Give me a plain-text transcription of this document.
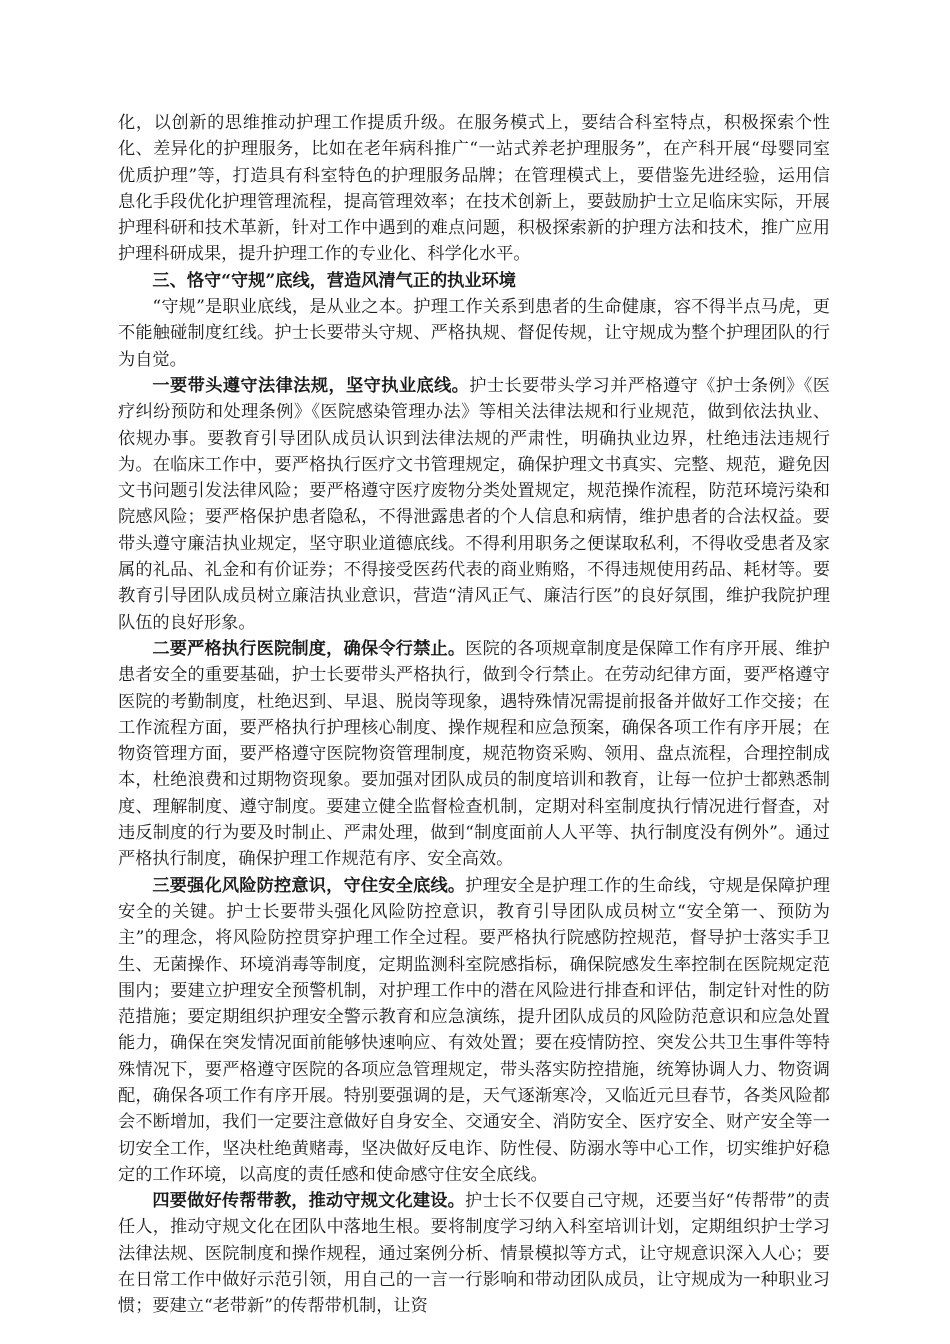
化，以创新的思维推动护理工作提质升级。在服务模式上，要结合科室特点，积极探索个性化、差异化的护理服务，比如在老年病科推广“一站式养老护理服务”，在产科开展“母婴同室优质护理”等，打造具有科室特色的护理服务品牌；在管理模式上，要借鉴先进经验，运用信息化手段优化护理管理流程，提高管理效率；在技术创新上，要鼓励护士立足临床实际，开展护理科研和技术革新，针对工作中遇到的难点问题，积极探索新的护理方法和技术，推广应用护理科研成果，提升护理工作的专业化、科学化水平。

三、恪守“守规”底线，营造风清气正的执业环境

“守规”是职业底线，是从业之本。护理工作关系到患者的生命健康，容不得半点马虎，更不能触碰制度红线。护士长要带头守规、严格执规、督促传规，让守规成为整个护理团队的行为自觉。

一要带头遵守法律法规，坚守执业底线。护士长要带头学习并严格遵守《护士条例》《医疗纠纷预防和处理条例》《医院感染管理办法》等相关法律法规和行业规范，做到依法执业、依规办事。要教育引导团队成员认识到法律法规的严肃性，明确执业边界，杜绝违法违规行为。在临床工作中，要严格执行医疗文书管理规定，确保护理文书真实、完整、规范，避免因文书问题引发法律风险；要严格遵守医疗废物分类处置规定，规范操作流程，防范环境污染和院感风险；要严格保护患者隐私，不得泄露患者的个人信息和病情，维护患者的合法权益。要带头遵守廉洁执业规定，坚守职业道德底线。不得利用职务之便谋取私利，不得收受患者及家属的礼品、礼金和有价证券；不得接受医药代表的商业贿赂，不得违规使用药品、耗材等。要教育引导团队成员树立廉洁执业意识，营造“清风正气、廉洁行医”的良好氛围，维护我院护理队伍的良好形象。

二要严格执行医院制度，确保令行禁止。医院的各项规章制度是保障工作有序开展、维护患者安全的重要基础，护士长要带头严格执行，做到令行禁止。在劳动纪律方面，要严格遵守医院的考勤制度，杜绝迟到、早退、脱岗等现象，遇特殊情况需提前报备并做好工作交接；在工作流程方面，要严格执行护理核心制度、操作规程和应急预案，确保各项工作有序开展；在物资管理方面，要严格遵守医院物资管理制度，规范物资采购、领用、盘点流程，合理控制成本，杜绝浪费和过期物资现象。要加强对团队成员的制度培训和教育，让每一位护士都熟悉制度、理解制度、遵守制度。要建立健全监督检查机制，定期对科室制度执行情况进行督查，对违反制度的行为要及时制止、严肃处理，做到“制度面前人人平等、执行制度没有例外”。通过严格执行制度，确保护理工作规范有序、安全高效。

三要强化风险防控意识，守住安全底线。护理安全是护理工作的生命线，守规是保障护理安全的关键。护士长要带头强化风险防控意识，教育引导团队成员树立“安全第一、预防为主”的理念，将风险防控贯穿护理工作全过程。要严格执行院感防控规范，督导护士落实手卫生、无菌操作、环境消毒等制度，定期监测科室院感指标，确保院感发生率控制在医院规定范围内；要建立护理安全预警机制，对护理工作中的潜在风险进行排查和评估，制定针对性的防范措施；要定期组织护理安全警示教育和应急演练，提升团队成员的风险防范意识和应急处置能力，确保在突发情况面前能够快速响应、有效处置；要在疫情防控、突发公共卫生事件等特殊情况下，要严格遵守医院的各项应急管理规定，带头落实防控措施，统筹协调人力、物资调配，确保各项工作有序开展。特别要强调的是，天气逐渐寒冷，又临近元旦春节，各类风险都会不断增加，我们一定要注意做好自身安全、交通安全、消防安全、医疗安全、财产安全等一切安全工作，坚决杜绝黄赌毒，坚决做好反电诈、防性侵、防溺水等中心工作，切实维护好稳定的工作环境，以高度的责任感和使命感守住安全底线。

四要做好传帮带教，推动守规文化建设。护士长不仅要自己守规，还要当好“传帮带”的责任人，推动守规文化在团队中落地生根。要将制度学习纳入科室培训计划，定期组织护士学习法律法规、医院制度和操作规程，通过案例分析、情景模拟等方式，让守规意识深入人心；要在日常工作中做好示范引领，用自己的一言一行影响和带动团队成员，让守规成为一种职业习惯；要建立“老带新”的传帮带机制，让资
